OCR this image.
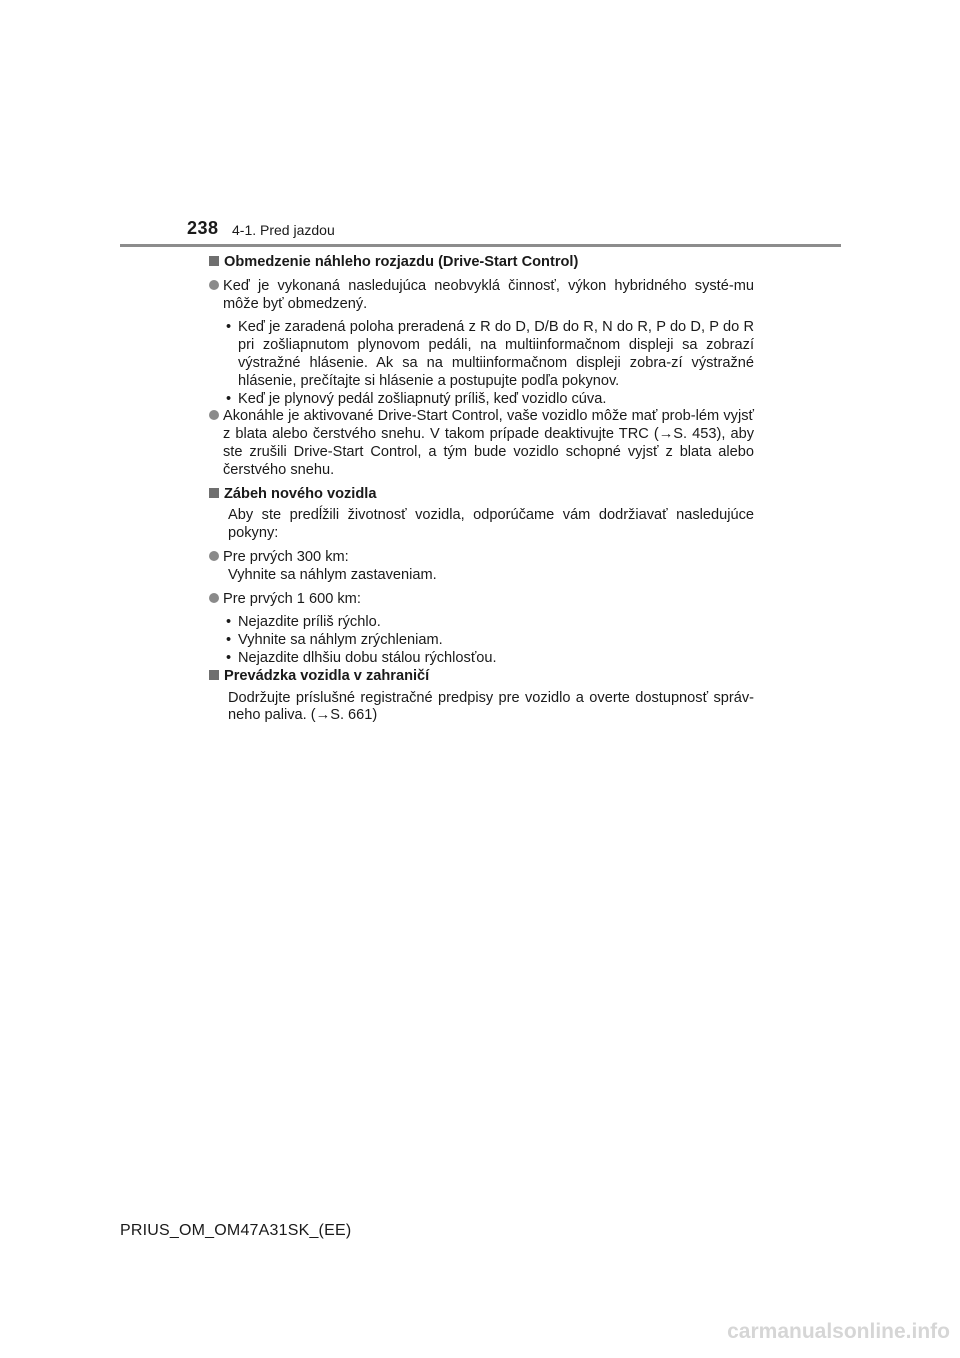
238 4-1. Pred jazdou
Obmedzenie náhleho rozjazdu (Drive-Start Control)
Keď je vykonaná nasledujúca neobvyklá činnosť, výkon hybridného systé-mu môže byť obmedzený.
• Keď je zaradená poloha preradená z R do D, D/B do R, N do R, P do D, P do R pri zošliapnutom plynovom pedáli, na multiinformačnom displeji sa zobrazí výstražné hlásenie. Ak sa na multiinformačnom displeji zobra-zí výstražné hlásenie, prečítajte si hlásenie a postupujte podľa pokynov.
• Keď je plynový pedál zošliapnutý príliš, keď vozidlo cúva.
Akonáhle je aktivované Drive-Start Control, vaše vozidlo môže mať prob-lém vyjsť z blata alebo čerstvého snehu. V takom prípade deaktivujte TRC (→S. 453), aby ste zrušili Drive-Start Control, a tým bude vozidlo schopné vyjsť z blata alebo čerstvého snehu.
Zábeh nového vozidla
Aby ste predĺžili životnosť vozidla, odporúčame vám dodržiavať nasledujúce pokyny:
Pre prvých 300 km:
Vyhnite sa náhlym zastaveniam.
Pre prvých 1 600 km:
• Nejazdite príliš rýchlo.
• Vyhnite sa náhlym zrýchleniam.
• Nejazdite dlhšiu dobu stálou rýchlosťou.
Prevádzka vozidla v zahraničí
Dodržujte príslušné registračné predpisy pre vozidlo a overte dostupnosť správ-neho paliva. (→S. 661)
PRIUS_OM_OM47A31SK_(EE)
carmanualsonline.info
